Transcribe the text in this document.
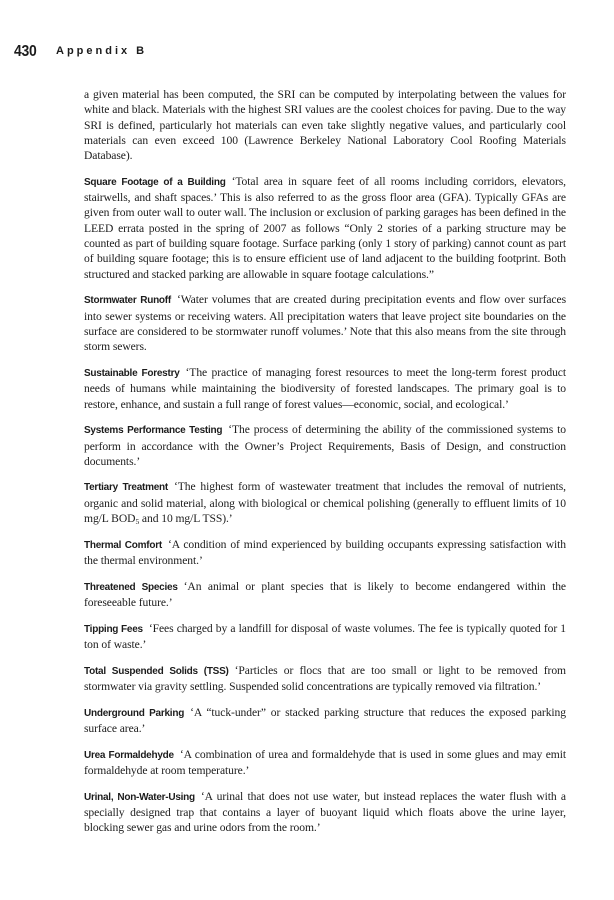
430 Appendix B

a given material has been computed, the SRI can be computed by interpolating between the values for white and black. Materials with the highest SRI values are the coolest choices for paving. Due to the way SRI is defined, particularly hot materials can even take slightly negative values, and particularly cool materials can even exceed 100 (Lawrence Berkeley National Laboratory Cool Roofing Materials Database).

Square Footage of a Building ‘Total area in square feet of all rooms including corridors, elevators, stairwells, and shaft spaces.’ This is also referred to as the gross floor area (GFA). Typically GFAs are given from outer wall to outer wall. The inclusion or exclusion of parking garages has been defined in the LEED errata posted in the spring of 2007 as follows “Only 2 stories of a parking structure may be counted as part of building square footage. Surface parking (only 1 story of parking) cannot count as part of building square footage; this is to ensure efficient use of land adjacent to the building footprint. Both structured and stacked parking are allowable in square footage calculations.”

Stormwater Runoff ‘Water volumes that are created during precipitation events and flow over surfaces into sewer systems or receiving waters. All precipitation waters that leave project site boundaries on the surface are considered to be stormwater runoff volumes.’ Note that this also means from the site through storm sewers.

Sustainable Forestry ‘The practice of managing forest resources to meet the long-term forest product needs of humans while maintaining the biodiversity of forested landscapes. The primary goal is to restore, enhance, and sustain a full range of forest values—economic, social, and ecological.’

Systems Performance Testing ‘The process of determining the ability of the commissioned systems to perform in accordance with the Owner’s Project Requirements, Basis of Design, and construction documents.’

Tertiary Treatment ‘The highest form of wastewater treatment that includes the removal of nutrients, organic and solid material, along with biological or chemical polishing (generally to effluent limits of 10 mg/L $BOD_5$ and 10 mg/L TSS).’

Thermal Comfort ‘A condition of mind experienced by building occupants expressing satisfaction with the thermal environment.’

Threatened Species ‘An animal or plant species that is likely to become endangered within the foreseeable future.’

Tipping Fees ‘Fees charged by a landfill for disposal of waste volumes. The fee is typically quoted for 1 ton of waste.’

Total Suspended Solids (TSS) ‘Particles or flocs that are too small or light to be removed from stormwater via gravity settling. Suspended solid concentrations are typically removed via filtration.’

Underground Parking ‘A “tuck-under” or stacked parking structure that reduces the exposed parking surface area.’

Urea Formaldehyde ‘A combination of urea and formaldehyde that is used in some glues and may emit formaldehyde at room temperature.’

Urinal, Non-Water-Using ‘A urinal that does not use water, but instead replaces the water flush with a specially designed trap that contains a layer of buoyant liquid which floats above the urine layer, blocking sewer gas and urine odors from the room.’
